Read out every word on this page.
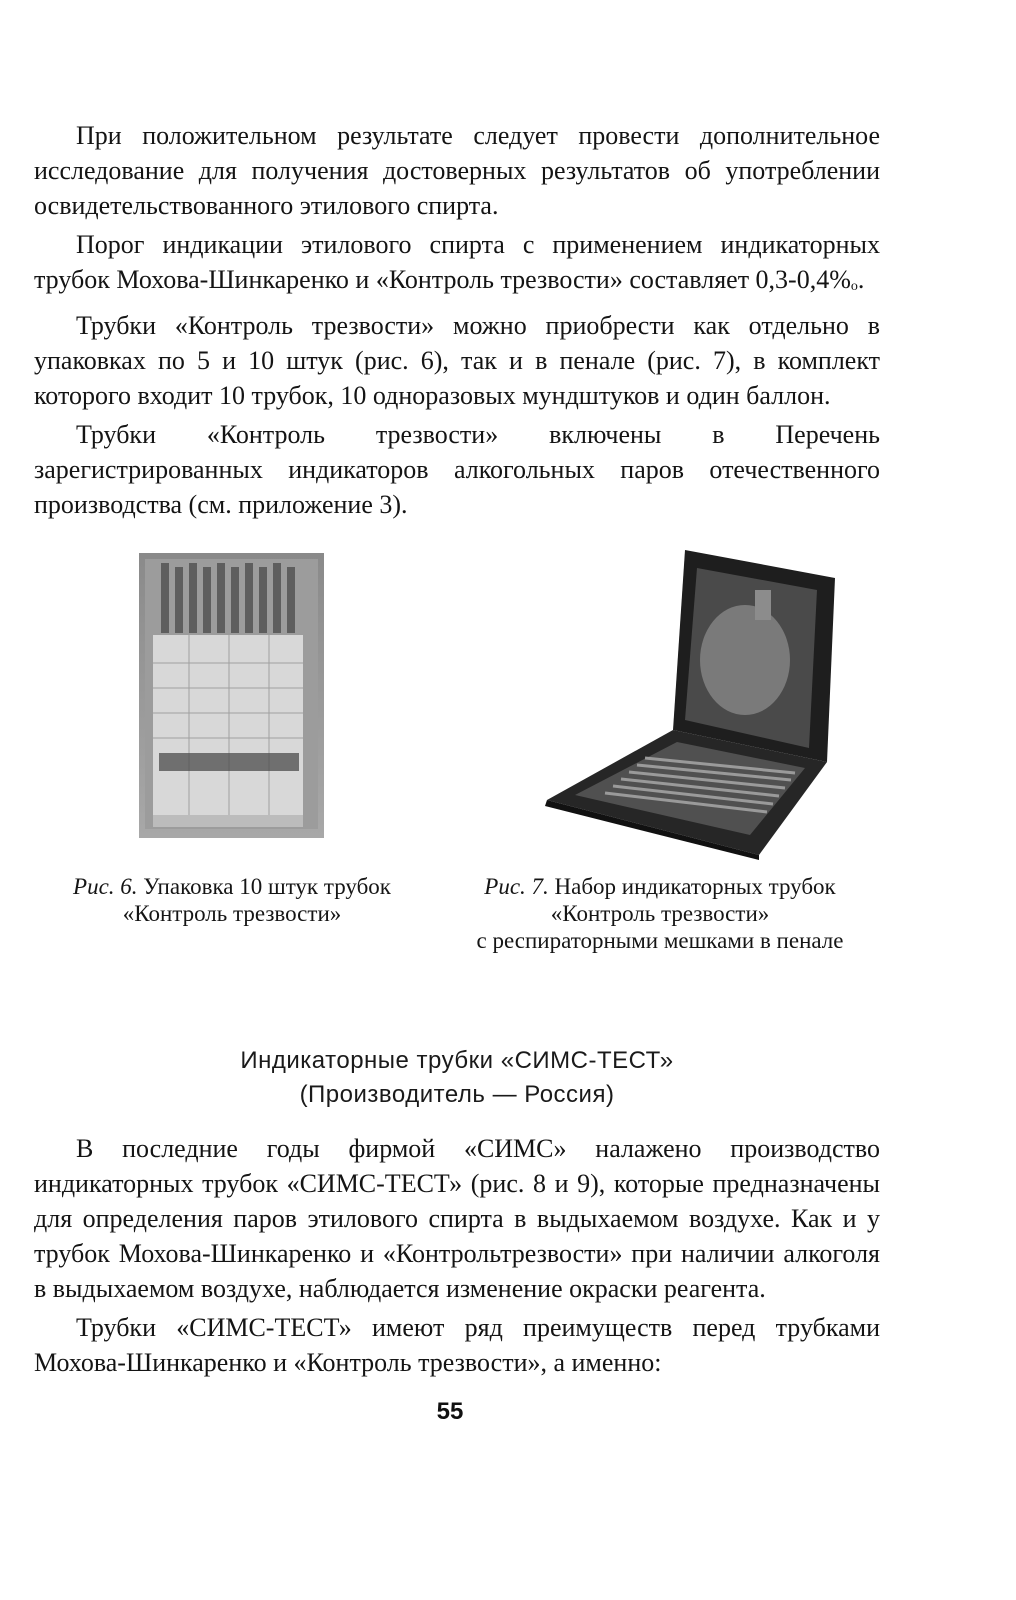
При положительном результате следует провести дополнительное исследование для получения достоверных результатов об употреблении освидетельствованного этилового спирта.

Порог индикации этилового спирта с применением индикаторных трубок Мохова-Шинкаренко и «Контроль трезвости» составляет $0,3-0,4\%_о$.

Трубки «Контроль трезвости» можно приобрести как отдельно в упаковках по 5 и 10 штук (рис. 6), так и в пенале (рис. 7), в комплект которого входит 10 трубок, 10 одноразовых мундштуков и один баллон.

Трубки «Контроль трезвости» включены в Перечень зарегистрированных индикаторов алкогольных паров отечественного производства (см. приложение 3).

Рис. 6. Упаковка 10 штук трубок
«Контроль трезвости»
Рис. 7. Набор индикаторных трубок
«Контроль трезвости»
с респираторными мешками в пенале
Индикаторные трубки «СИМС-ТЕСТ»
(Производитель — Россия)

В последние годы фирмой «СИМС» налажено производство индикаторных трубок «СИМС-ТЕСТ» (рис. 8 и 9), которые предназначены для определения паров этилового спирта в выдыхаемом воздухе. Как и у трубок Мохова-Шинкаренко и «Контрольтрезвости» при наличии алкоголя в выдыхаемом воздухе, наблюдается изменение окраски реагента.

Трубки «СИМС-ТЕСТ» имеют ряд преимуществ перед трубками Мохова-Шинкаренко и «Контроль трезвости», а именно:

55
